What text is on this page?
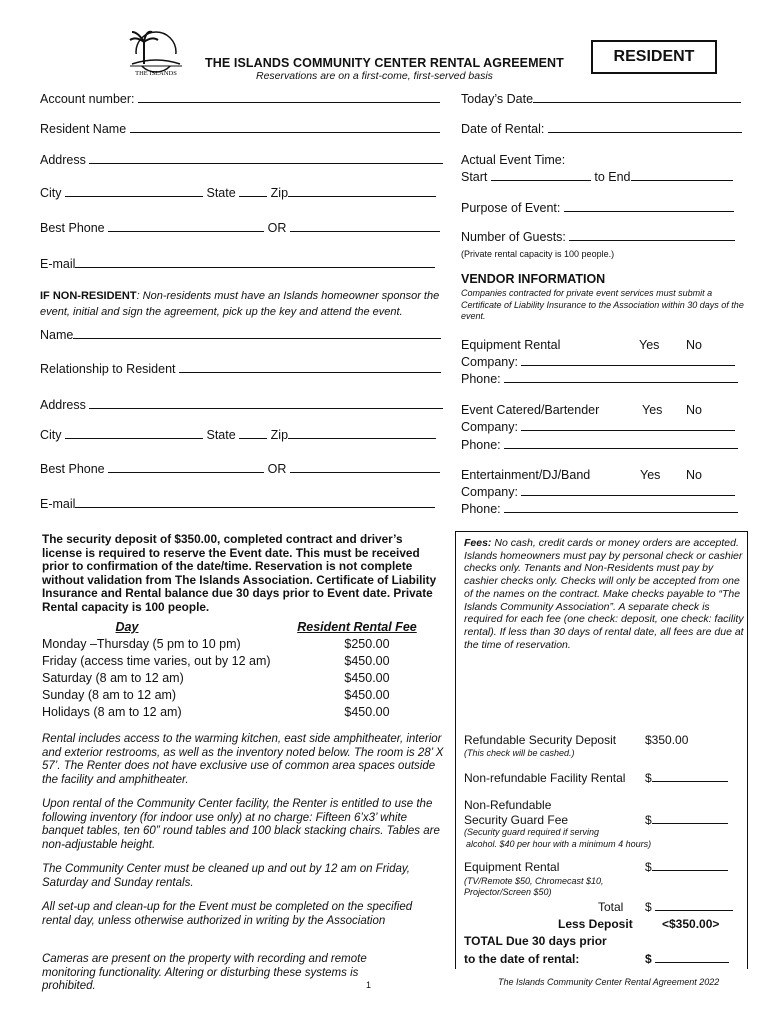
THE ISLANDS
THE ISLANDS COMMUNITY CENTER RENTAL AGREEMENT
Reservations are on a first-come, first-served basis
RESIDENT
Account number:
Resident Name
Address
City	State	Zip
Best Phone	OR
E-mail
IF NON-RESIDENT: Non-residents must have an Islands homeowner sponsor the event, initial and sign the agreement, pick up the key and attend the event.
Name
Relationship to Resident
Address
City	State	Zip
Best Phone	OR
E-mail
Today’s Date
Date of Rental:
Actual Event Time:
Start	to End
Purpose of Event:
Number of Guests:
(Private rental capacity is 100 people.)
VENDOR INFORMATION
Companies contracted for private event services must submit a Certificate of Liability Insurance to the Association within 30 days of the event.
Equipment Rental	Yes No
Company:
Phone:
Event Catered/Bartender	Yes No
Company:
Phone:
Entertainment/DJ/Band	Yes No
Company:
Phone:
The security deposit of $350.00, completed contract and driver’s license is required to reserve the Event date. This must be received prior to confirmation of the date/time. Reservation is not complete without validation from The Islands Association. Certificate of Liability Insurance and Rental balance due 30 days prior to Event date. Private Rental capacity is 100 people.
Day	Resident Rental Fee
Monday –Thursday (5 pm to 10 pm)	$250.00
Friday (access time varies, out by 12 am)	$450.00
Saturday (8 am to 12 am)	$450.00
Sunday (8 am to 12 am)	$450.00
Holidays (8 am to 12 am)	$450.00
Rental includes access to the warming kitchen, east side amphitheater, interior and exterior restrooms, as well as the inventory noted below. The room is 28’ X 57’. The Renter does not have exclusive use of common area spaces outside the facility and amphitheater.
Upon rental of the Community Center facility, the Renter is entitled to use the following inventory (for indoor use only) at no charge: Fifteen 6’x3’ white banquet tables, ten 60” round tables and 100 black stacking chairs. Tables are non-adjustable height.
The Community Center must be cleaned up and out by 12 am on Friday, Saturday and Sunday rentals.
All set-up and clean-up for the Event must be completed on the specified rental day, unless otherwise authorized in writing by the Association
Cameras are present on the property with recording and remote monitoring functionality. Altering or disturbing these systems is prohibited.
Fees: No cash, credit cards or money orders are accepted. Islands homeowners must pay by personal check or cashier checks only. Tenants and Non-Residents must pay by cashier checks only. Checks will only be accepted from one of the names on the contract. Make checks payable to “The Islands Community Association”. A separate check is required for each fee (one check: deposit, one check: facility rental). If less than 30 days of rental date, all fees are due at the time of reservation.
Refundable Security Deposit $350.00
(This check will be cashed.)
Non-refundable Facility Rental $
Non-Refundable
Security Guard Fee	$
(Security guard required if serving
alcohol. $40 per hour with a minimum 4 hours)
Equipment Rental	$
(TV/Remote $50, Chromecast $10,
Projector/Screen $50)
Total $
Less Deposit <$350.00>
TOTAL Due 30 days prior
to the date of rental:	$
1	The Islands Community Center Rental Agreement 2022
